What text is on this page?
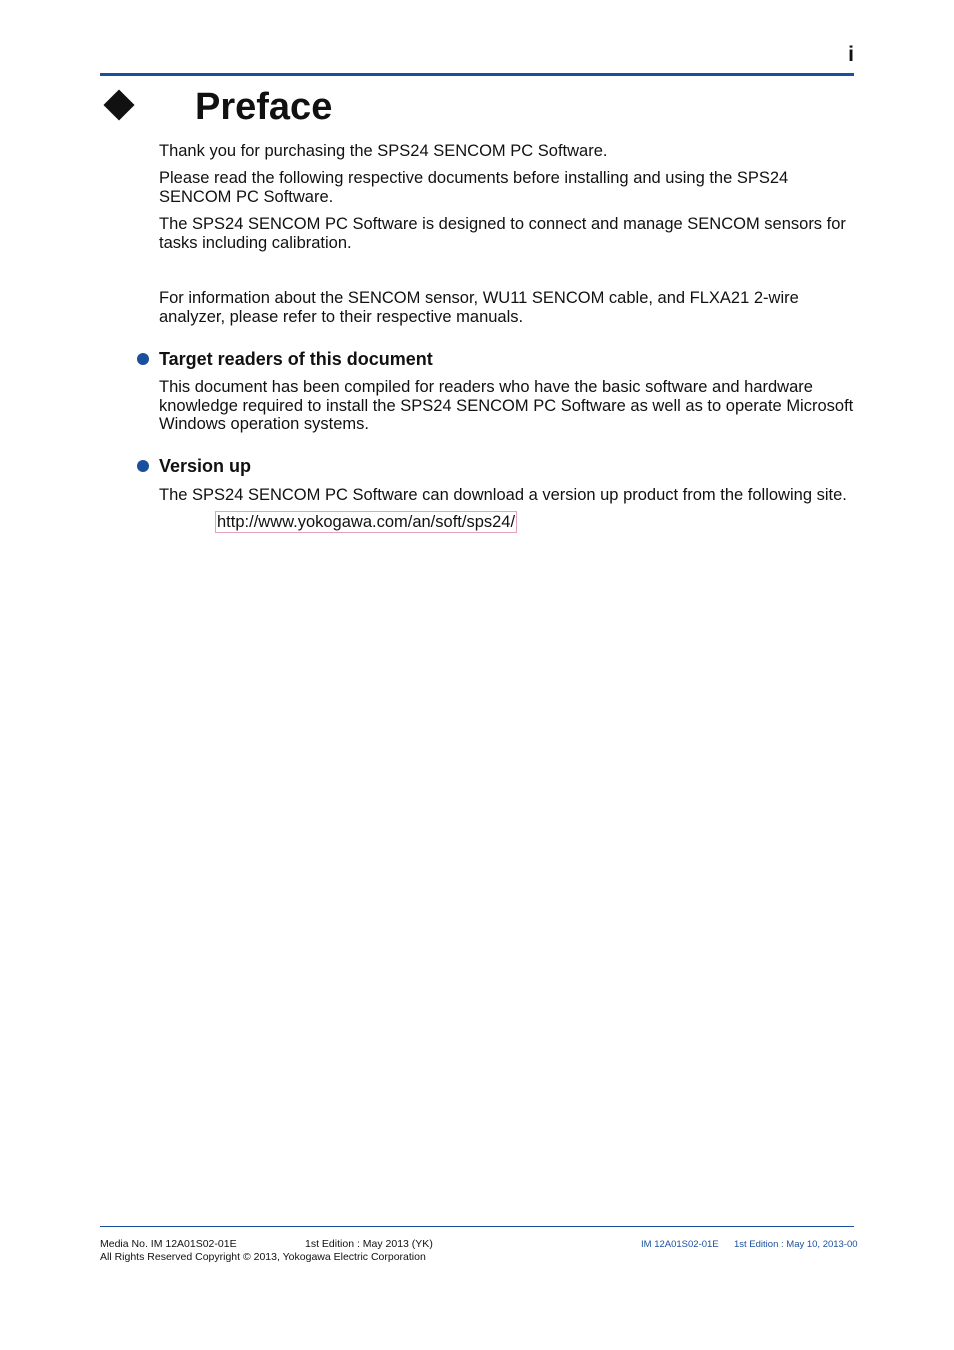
i
Preface

Thank you for purchasing the SPS24 SENCOM PC Software.

Please read the following respective documents before installing and using the SPS24 SENCOM PC Software.

The SPS24 SENCOM PC Software is designed to connect and manage SENCOM sensors for tasks including calibration.

For information about the SENCOM sensor, WU11 SENCOM cable, and FLXA21 2-wire analyzer, please refer to their respective manuals.

Target readers of this document

This document has been compiled for readers who have the basic software and hardware knowledge required to install the SPS24 SENCOM PC Software as well as to operate Microsoft Windows operation systems.

Version up

The SPS24 SENCOM PC Software can download a version up product from the following site.

http://www.yokogawa.com/an/soft/sps24/

Media No. IM 12A01S02-01E	1st Edition : May 2013 (YK)

All Rights Reserved Copyright © 2013, Yokogawa Electric Corporation

IM 12A01S02-01E 1st Edition : May 10, 2013-00
